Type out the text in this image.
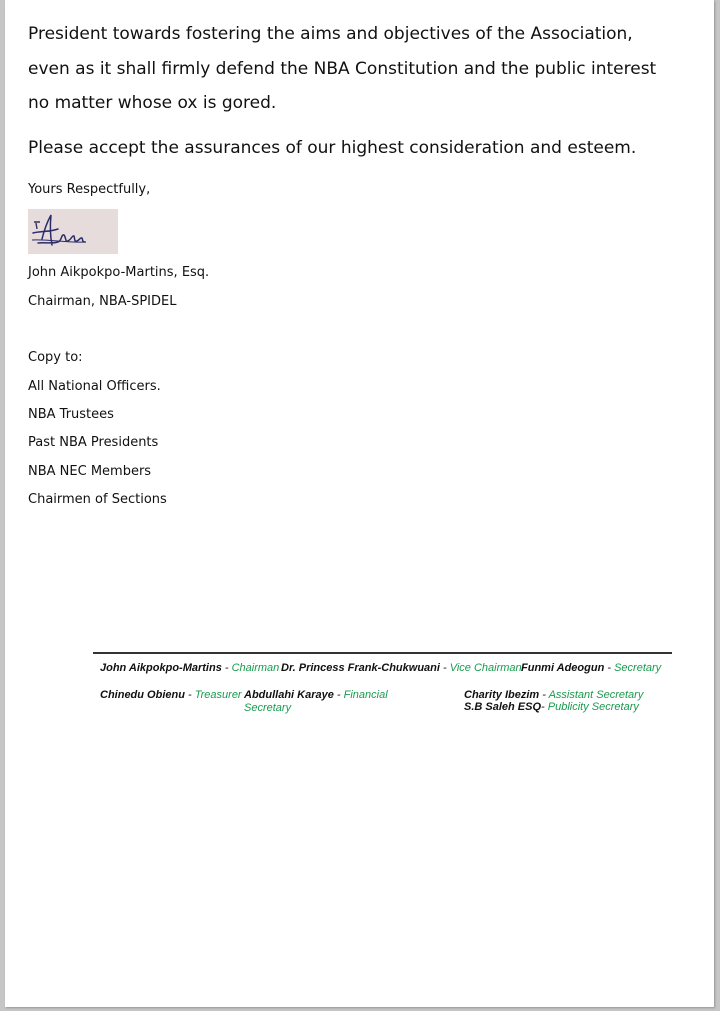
President towards fostering the aims and objectives of the Association, even as it shall firmly defend the NBA Constitution and the public interest no matter whose ox is gored.
Please accept the assurances of our highest consideration and esteem.
Yours Respectfully,
John Aikpokpo-Martins, Esq.
Chairman, NBA-SPIDEL
Copy to:
All National Officers.
NBA Trustees
Past NBA Presidents
NBA NEC Members
Chairmen of Sections
John Aikpokpo-Martins - Chairman Dr. Princess Frank-Chukwuani - Vice Chairman Funmi Adeogun - Secretary
Chinedu Obienu - Treasurer Abdullahi Karaye - Financial Secretary
Charity Ibezim - Assistant Secretary
S.B Saleh ESQ- Publicity Secretary
